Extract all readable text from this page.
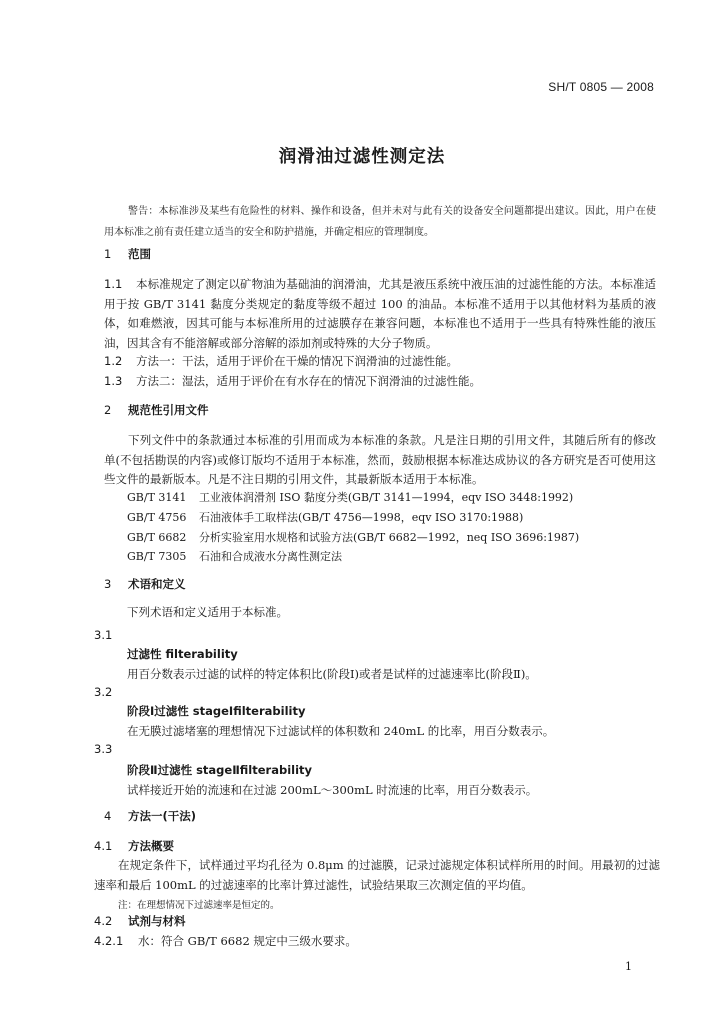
SH/T 0805 — 2008
润滑油过滤性测定法
警告：本标准涉及某些有危险性的材料、操作和设备，但并未对与此有关的设备安全问题都提出建议。因此，用户在使用本标准之前有责任建立适当的安全和防护措施，并确定相应的管理制度。
1 范围
1.1 本标准规定了测定以矿物油为基础油的润滑油，尤其是液压系统中液压油的过滤性能的方法。本标准适用于按 GB/T 3141 黏度分类规定的黏度等级不超过 100 的油品。本标准不适用于以其他材料为基质的液体，如难燃液，因其可能与本标准所用的过滤膜存在兼容问题，本标准也不适用于一些具有特殊性能的液压油，因其含有不能溶解或部分溶解的添加剂或特殊的大分子物质。
1.2 方法一：干法，适用于评价在干燥的情况下润滑油的过滤性能。
1.3 方法二：湿法，适用于评价在有水存在的情况下润滑油的过滤性能。
2 规范性引用文件
下列文件中的条款通过本标准的引用而成为本标准的条款。凡是注日期的引用文件，其随后所有的修改单(不包括勘误的内容)或修订版均不适用于本标准，然而，鼓励根据本标准达成协议的各方研究是否可使用这些文件的最新版本。凡是不注日期的引用文件，其最新版本适用于本标准。
GB/T 3141 工业液体润滑剂 ISO 黏度分类(GB/T 3141—1994，eqv ISO 3448:1992)
GB/T 4756 石油液体手工取样法(GB/T 4756—1998，eqv ISO 3170:1988)
GB/T 6682 分析实验室用水规格和试验方法(GB/T 6682—1992，neq ISO 3696:1987)
GB/T 7305 石油和合成液水分离性测定法
3 术语和定义
下列术语和定义适用于本标准。
3.1
过滤性 filterability
用百分数表示过滤的试样的特定体积比(阶段Ⅰ)或者是试样的过滤速率比(阶段Ⅱ)。
3.2
阶段Ⅰ过滤性 stageⅠfilterability
在无膜过滤堵塞的理想情况下过滤试样的体积数和 240mL 的比率，用百分数表示。
3.3
阶段Ⅱ过滤性 stageⅡfilterability
试样接近开始的流速和在过滤 200mL～300mL 时流速的比率，用百分数表示。
4 方法一(干法)
4.1 方法概要
在规定条件下，试样通过平均孔径为 0.8μm 的过滤膜，记录过滤规定体积试样所用的时间。用最初的过滤速率和最后 100mL 的过滤速率的比率计算过滤性，试验结果取三次测定值的平均值。
注：在理想情况下过滤速率是恒定的。
4.2 试剂与材料
4.2.1 水：符合 GB/T 6682 规定中三级水要求。
1
